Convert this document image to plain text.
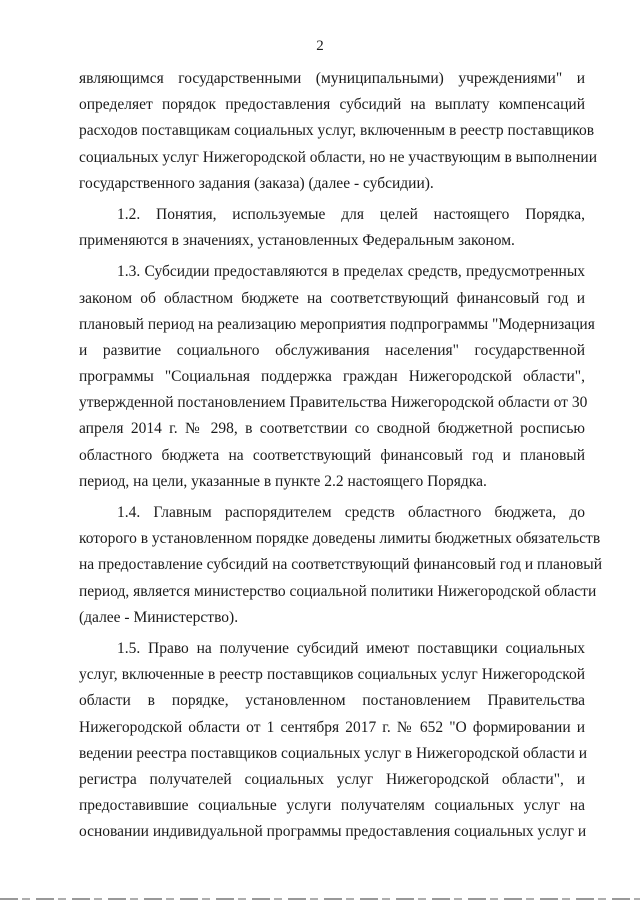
2
являющимся государственными (муниципальными) учреждениями" и
определяет порядок предоставления субсидий на выплату компенсаций
расходов поставщикам социальных услуг, включенным в реестр поставщиков
социальных услуг Нижегородской области, но не участвующим в выполнении
государственного задания (заказа) (далее - субсидии).
1.2. Понятия, используемые для целей настоящего Порядка,
применяются в значениях, установленных Федеральным законом.
1.3. Субсидии предоставляются в пределах средств, предусмотренных
законом об областном бюджете на соответствующий финансовый год и
плановый период на реализацию мероприятия подпрограммы "Модернизация
и развитие социального обслуживания населения" государственной
программы "Социальная поддержка граждан Нижегородской области",
утвержденной постановлением Правительства Нижегородской области от 30
апреля 2014 г. № 298, в соответствии со сводной бюджетной росписью
областного бюджета на соответствующий финансовый год и плановый
период, на цели, указанные в пункте 2.2 настоящего Порядка.
1.4. Главным распорядителем средств областного бюджета, до
которого в установленном порядке доведены лимиты бюджетных обязательств
на предоставление субсидий на соответствующий финансовый год и плановый
период, является министерство социальной политики Нижегородской области
(далее - Министерство).
1.5. Право на получение субсидий имеют поставщики социальных
услуг, включенные в реестр поставщиков социальных услуг Нижегородской
области в порядке, установленном постановлением Правительства
Нижегородской области от 1 сентября 2017 г. № 652 "О формировании и
ведении реестра поставщиков социальных услуг в Нижегородской области и
регистра получателей социальных услуг Нижегородской области", и
предоставившие социальные услуги получателям социальных услуг на
основании индивидуальной программы предоставления социальных услуг и
